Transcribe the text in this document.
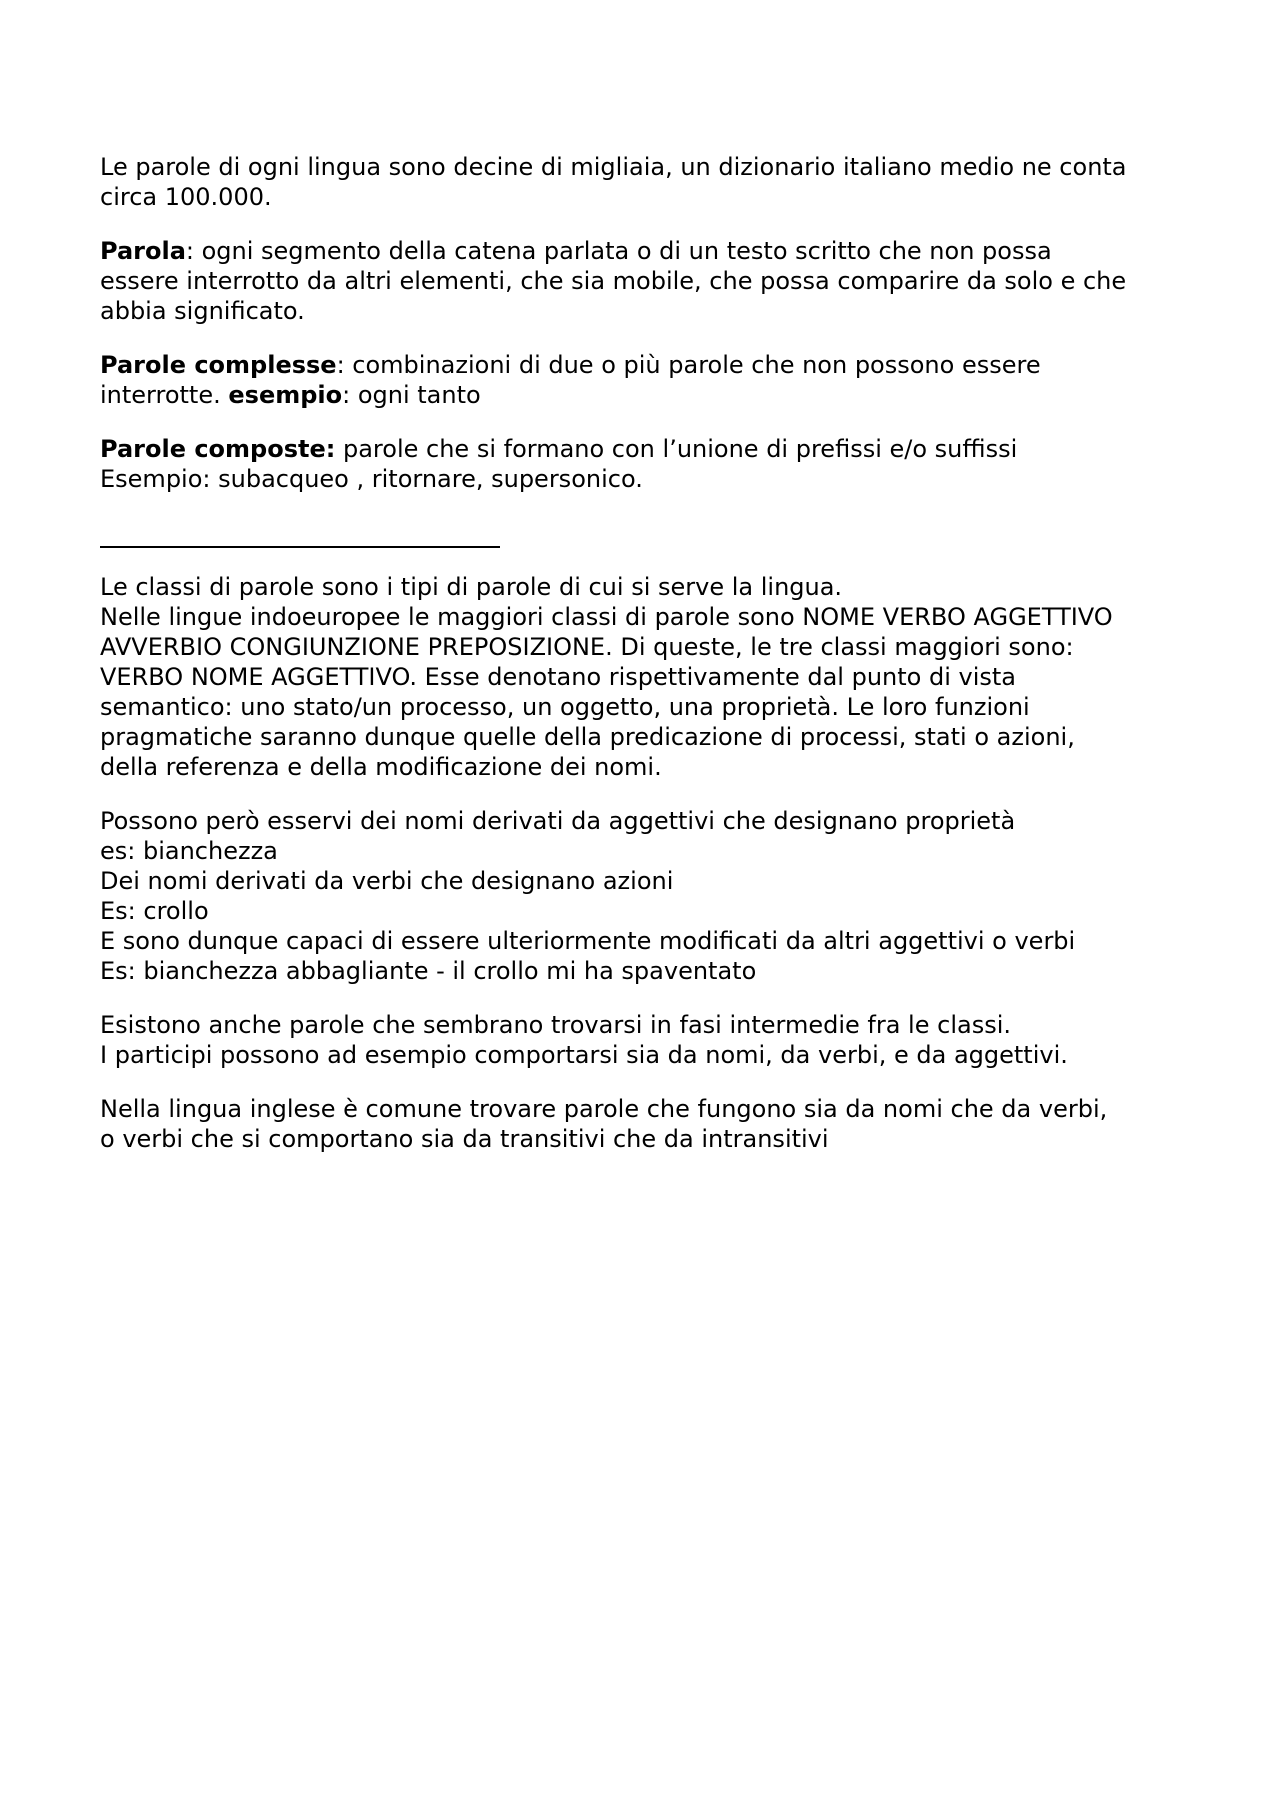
Le parole di ogni lingua sono decine di migliaia, un dizionario italiano medio ne conta
circa 100.000.

Parola: ogni segmento della catena parlata o di un testo scritto che non possa
essere interrotto da altri elementi, che sia mobile, che possa comparire da solo e che
abbia significato.

Parole complesse: combinazioni di due o più parole che non possono essere
interrotte. esempio: ogni tanto

Parole composte: parole che si formano con l’unione di prefissi e/o suffissi
Esempio: subacqueo , ritornare, supersonico.

Le classi di parole sono i tipi di parole di cui si serve la lingua.
Nelle lingue indoeuropee le maggiori classi di parole sono NOME VERBO AGGETTIVO
AVVERBIO CONGIUNZIONE PREPOSIZIONE. Di queste, le tre classi maggiori sono:
VERBO NOME AGGETTIVO. Esse denotano rispettivamente dal punto di vista
semantico: uno stato/un processo, un oggetto, una proprietà. Le loro funzioni
pragmatiche saranno dunque quelle della predicazione di processi, stati o azioni,
della referenza e della modificazione dei nomi.

Possono però esservi dei nomi derivati da aggettivi che designano proprietà
es: bianchezza
Dei nomi derivati da verbi che designano azioni
Es: crollo
E sono dunque capaci di essere ulteriormente modificati da altri aggettivi o verbi
Es: bianchezza abbagliante - il crollo mi ha spaventato

Esistono anche parole che sembrano trovarsi in fasi intermedie fra le classi.
I participi possono ad esempio comportarsi sia da nomi, da verbi, e da aggettivi.

Nella lingua inglese è comune trovare parole che fungono sia da nomi che da verbi,
o verbi che si comportano sia da transitivi che da intransitivi
